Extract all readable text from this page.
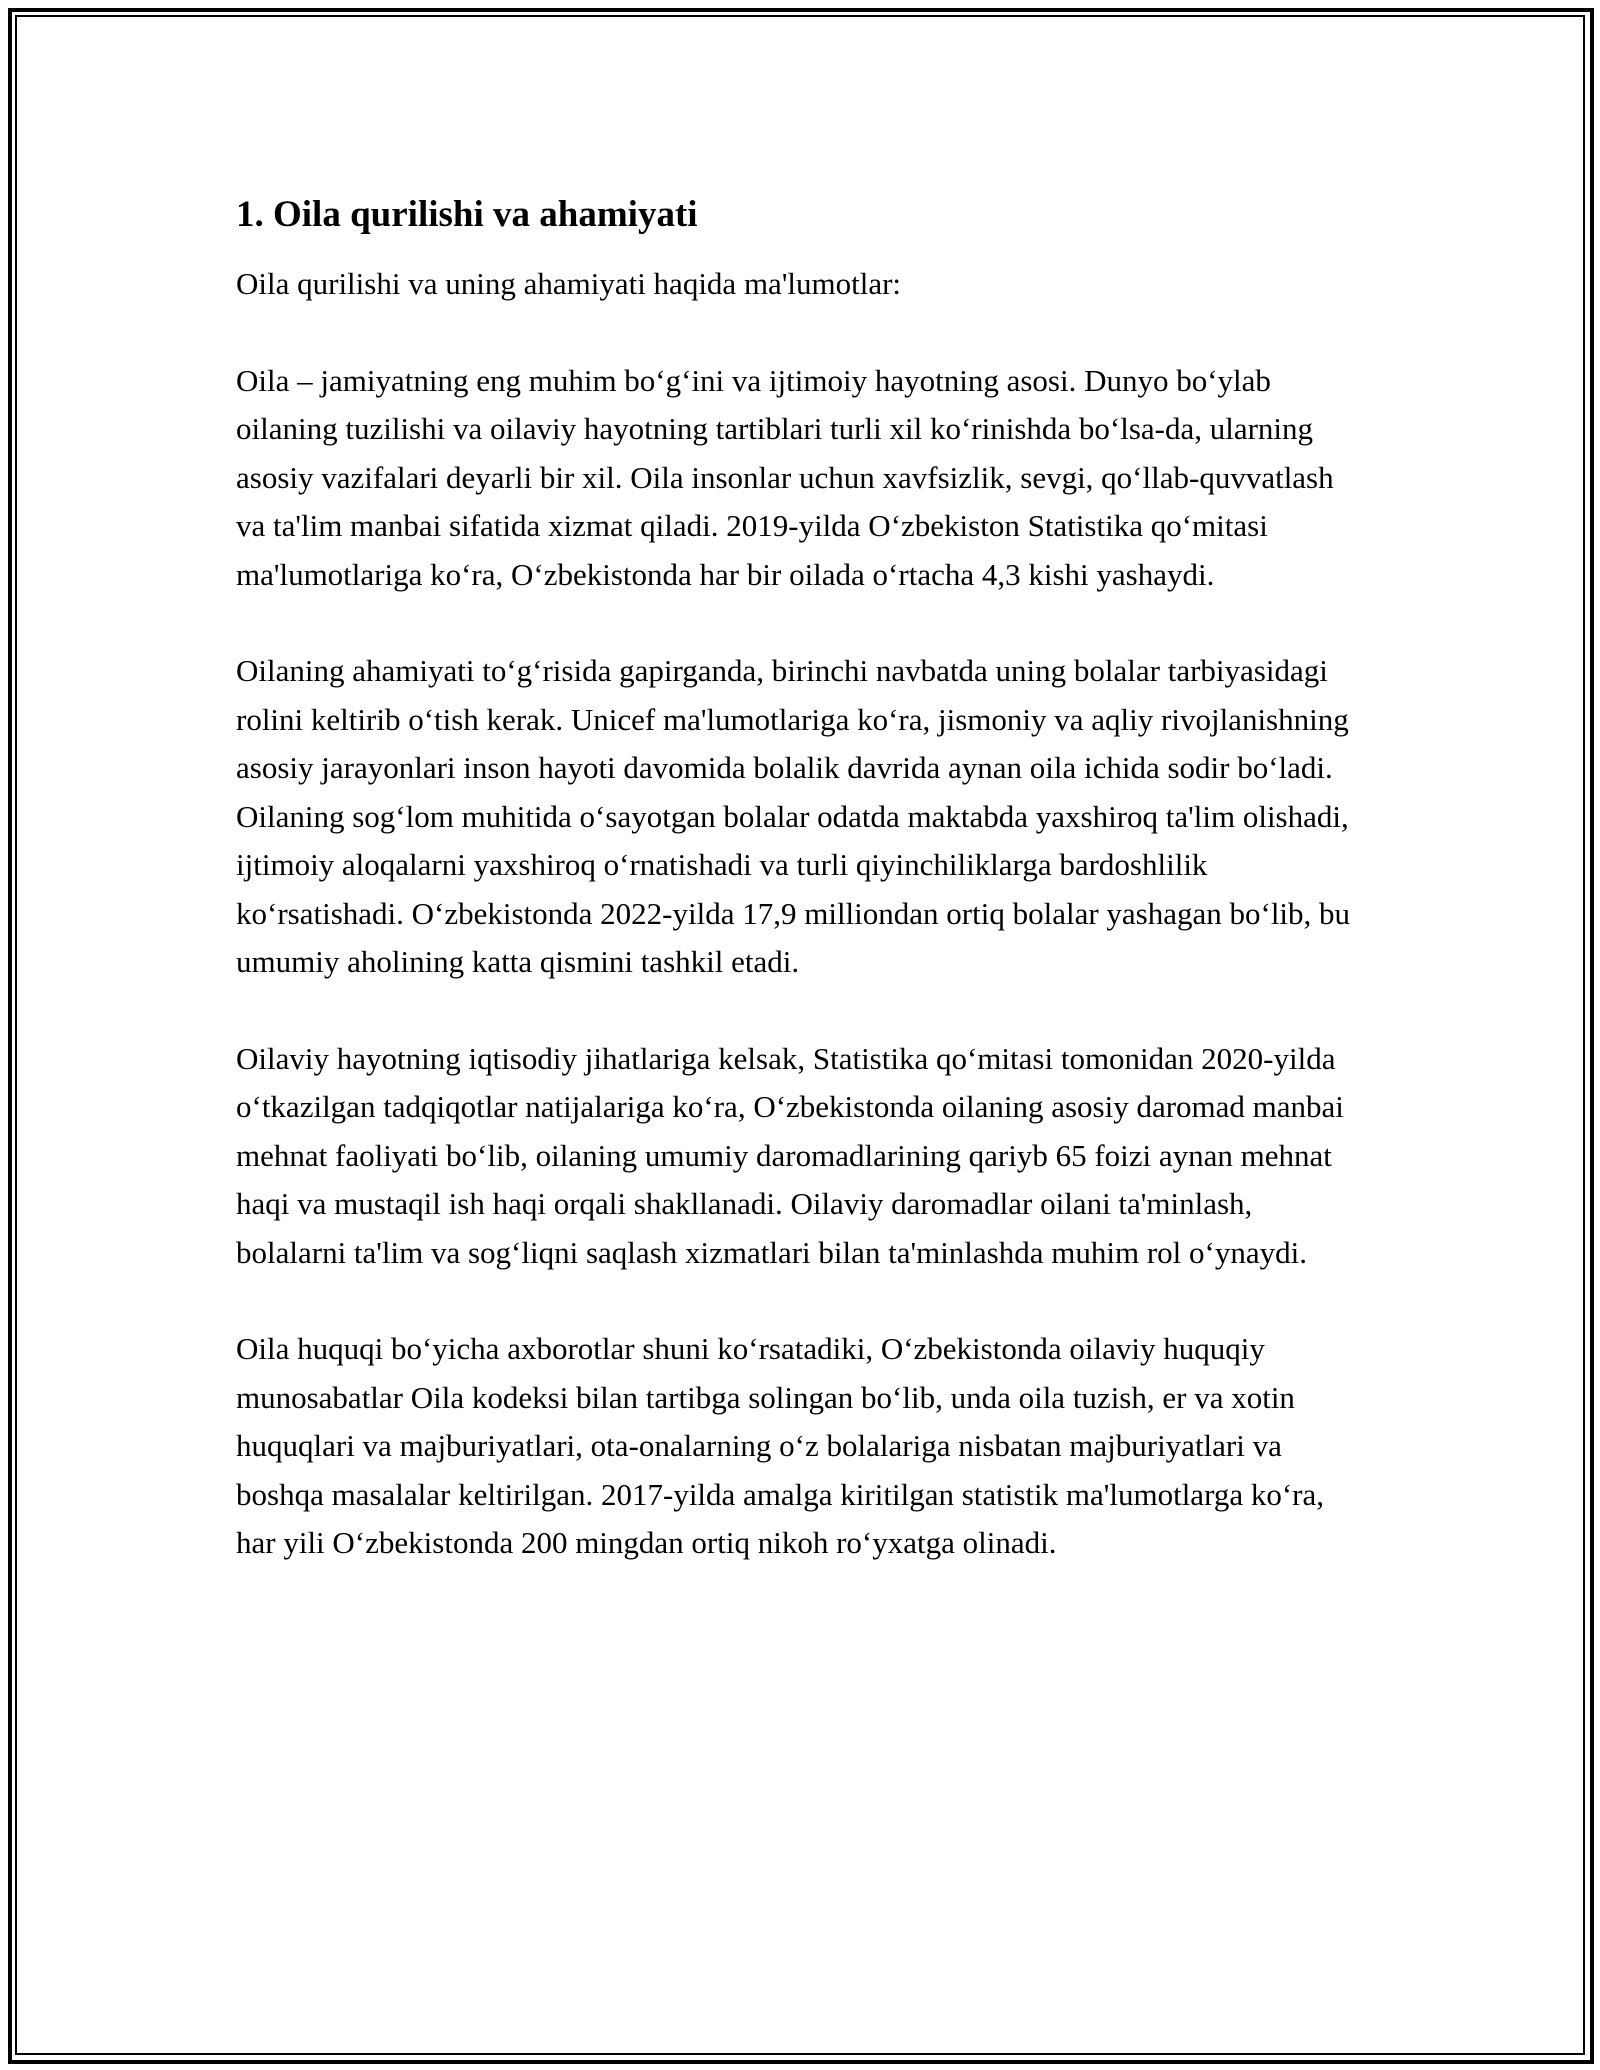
1. Oila qurilishi va ahamiyati

Oila qurilishi va uning ahamiyati haqida ma'lumotlar:

Oila – jamiyatning eng muhim bo‘g‘ini va ijtimoiy hayotning asosi. Dunyo bo‘ylab oilaning tuzilishi va oilaviy hayotning tartiblari turli xil ko‘rinishda bo‘lsa-da, ularning asosiy vazifalari deyarli bir xil. Oila insonlar uchun xavfsizlik, sevgi, qo‘llab-quvvatlash va ta'lim manbai sifatida xizmat qiladi. 2019-yilda O‘zbekiston Statistika qo‘mitasi ma'lumotlariga ko‘ra, O‘zbekistonda har bir oilada o‘rtacha 4,3 kishi yashaydi.

Oilaning ahamiyati to‘g‘risida gapirganda, birinchi navbatda uning bolalar tarbiyasidagi rolini keltirib o‘tish kerak. Unicef ma'lumotlariga ko‘ra, jismoniy va aqliy rivojlanishning asosiy jarayonlari inson hayoti davomida bolalik davrida aynan oila ichida sodir bo‘ladi. Oilaning sog‘lom muhitida o‘sayotgan bolalar odatda maktabda yaxshiroq ta'lim olishadi, ijtimoiy aloqalarni yaxshiroq o‘rnatishadi va turli qiyinchiliklarga bardoshlilik ko‘rsatishadi. O‘zbekistonda 2022-yilda 17,9 milliondan ortiq bolalar yashagan bo‘lib, bu umumiy aholining katta qismini tashkil etadi.

Oilaviy hayotning iqtisodiy jihatlariga kelsak, Statistika qo‘mitasi tomonidan 2020-yilda o‘tkazilgan tadqiqotlar natijalariga ko‘ra, O‘zbekistonda oilaning asosiy daromad manbai mehnat faoliyati bo‘lib, oilaning umumiy daromadlarining qariyb 65 foizi aynan mehnat haqi va mustaqil ish haqi orqali shakllanadi. Oilaviy daromadlar oilani ta'minlash, bolalarni ta'lim va sog‘liqni saqlash xizmatlari bilan ta'minlashda muhim rol o‘ynaydi.

Oila huquqi bo‘yicha axborotlar shuni ko‘rsatadiki, O‘zbekistonda oilaviy huquqiy munosabatlar Oila kodeksi bilan tartibga solingan bo‘lib, unda oila tuzish, er va xotin huquqlari va majburiyatlari, ota-onalarning o‘z bolalariga nisbatan majburiyatlari va boshqa masalalar keltirilgan. 2017-yilda amalga kiritilgan statistik ma'lumotlarga ko‘ra, har yili O‘zbekistonda 200 mingdan ortiq nikoh ro‘yxatga olinadi.
